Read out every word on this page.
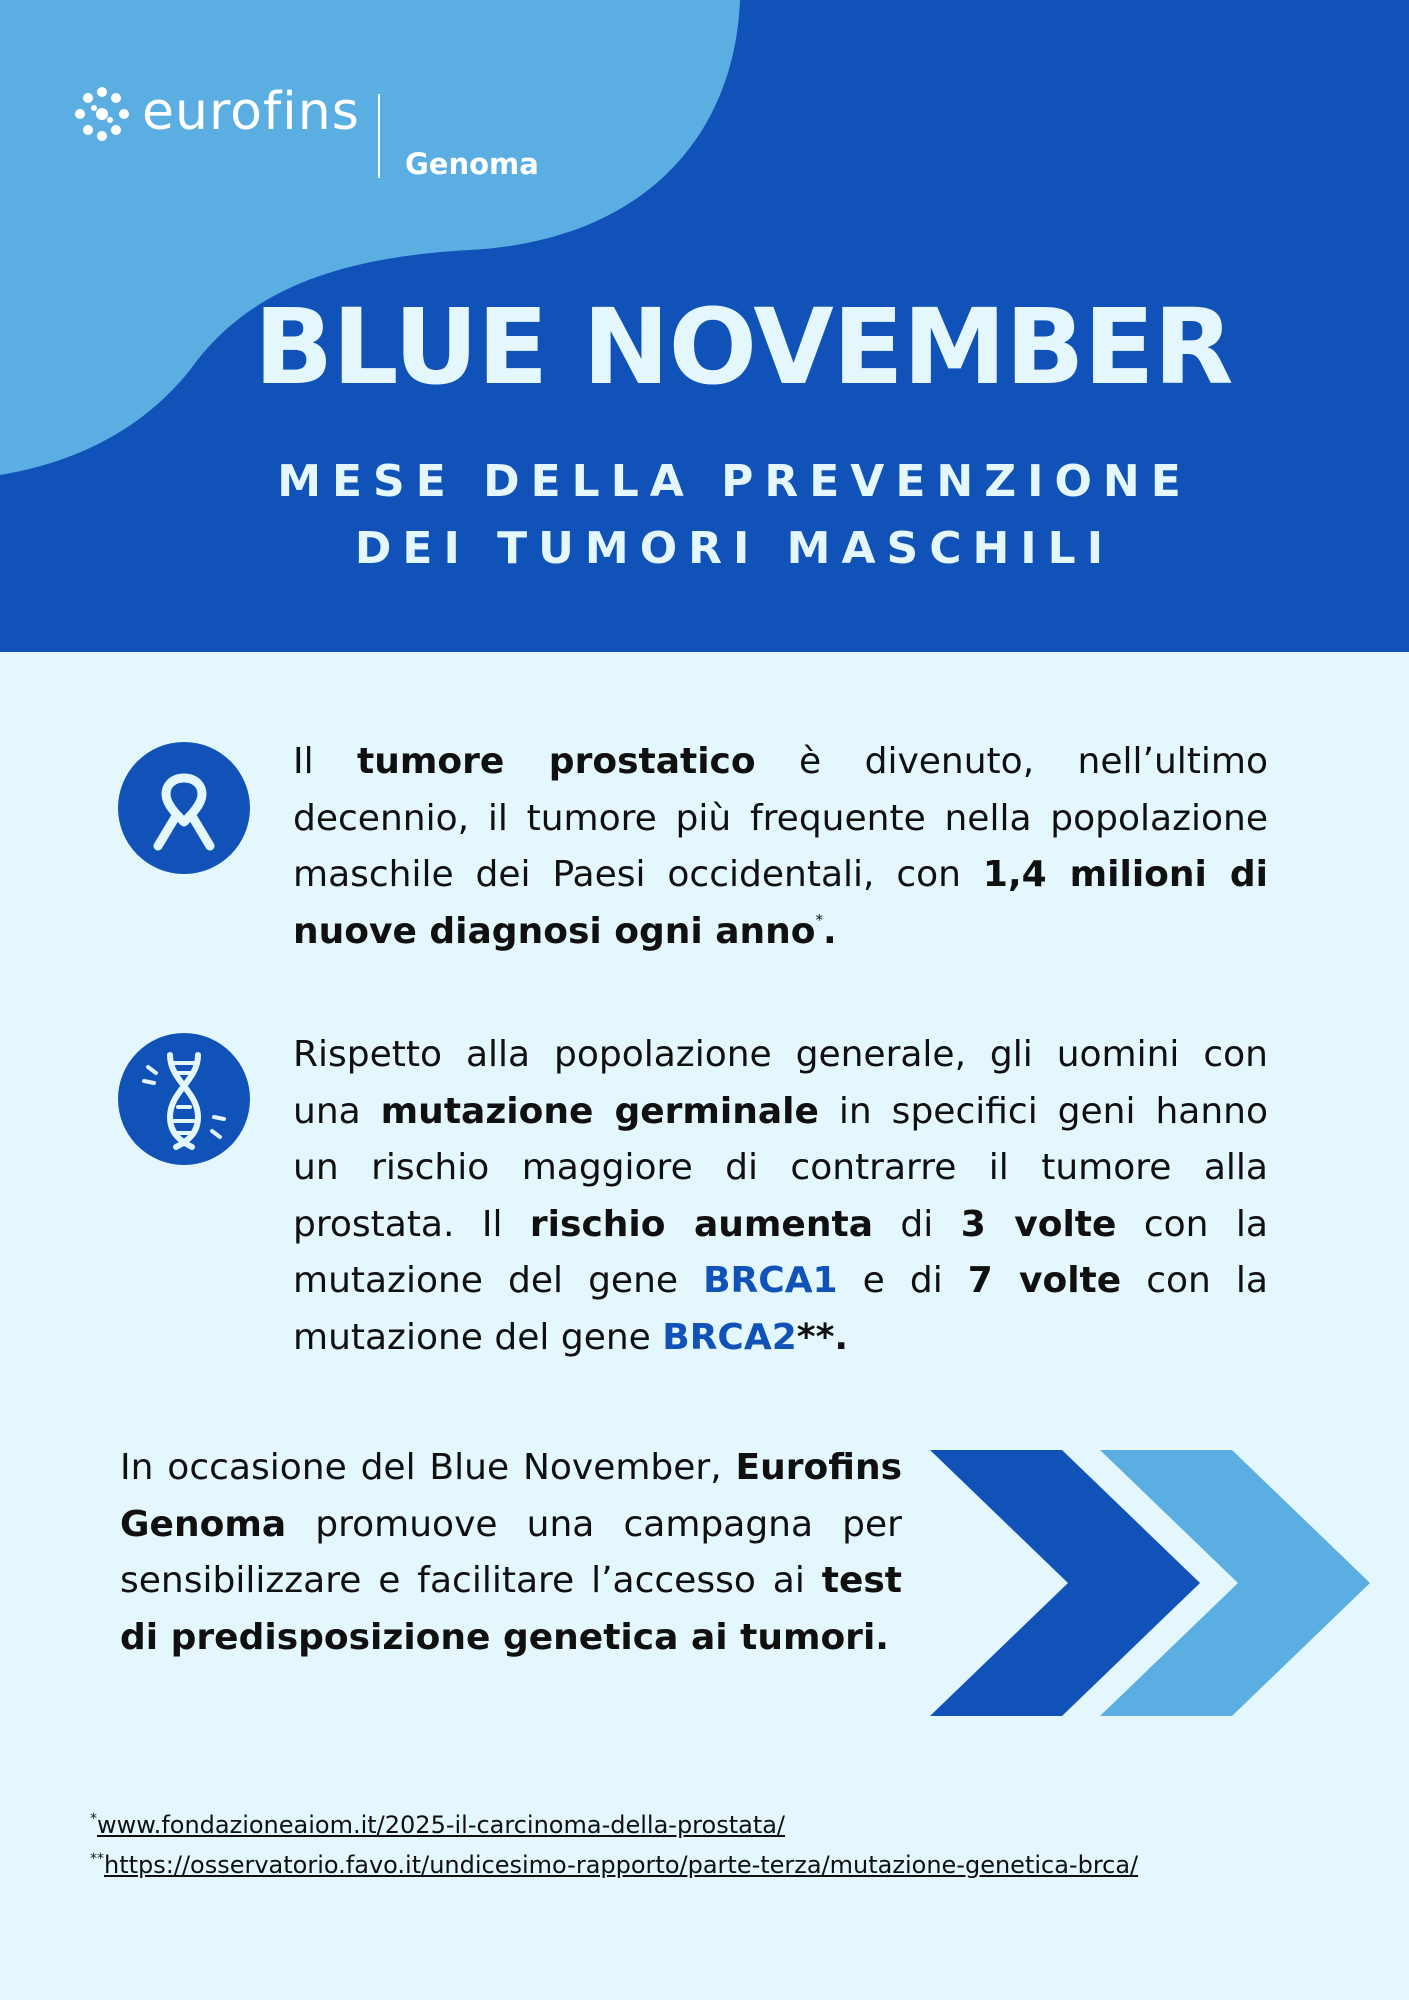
eurofins
Genoma
BLUE NOVEMBER
MESE DELLA PREVENZIONE
DEI TUMORI MASCHILI
Il tumore prostatico è divenuto, nell’ultimo decennio, il tumore più frequente nella popolazione maschile dei Paesi occidentali, con 1,4 milioni di nuove diagnosi ogni anno*.
Rispetto alla popolazione generale, gli uomini con una mutazione germinale in specifici geni hanno un rischio maggiore di contrarre il tumore alla prostata. Il rischio aumenta di 3 volte con la mutazione del gene BRCA1 e di 7 volte con la mutazione del gene BRCA2**.
In occasione del Blue November, Eurofins Genoma promuove una campagna per sensibilizzare e facilitare l’accesso ai test di predisposizione genetica ai tumori.
*www.fondazioneaiom.it/2025-il-carcinoma-della-prostata/
**https://osservatorio.favo.it/undicesimo-rapporto/parte-terza/mutazione-genetica-brca/
